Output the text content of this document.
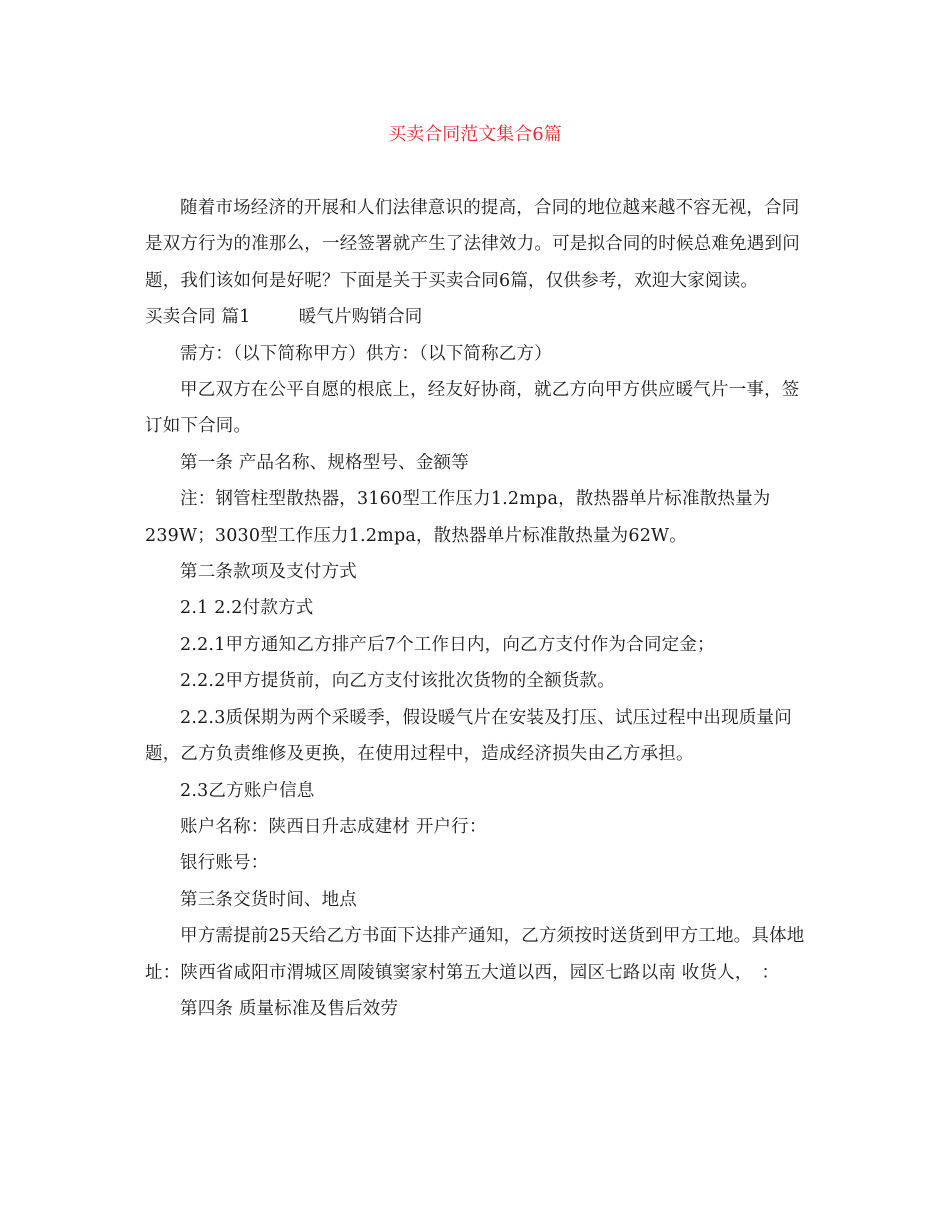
买卖合同范文集合6篇

随着市场经济的开展和人们法律意识的提高，合同的地位越来越不容无视，合同是双方行为的准那么，一经签署就产生了法律效力。可是拟合同的时候总难免遇到问题，我们该如何是好呢？下面是关于买卖合同6篇，仅供参考，欢迎大家阅读。

买卖合同 篇1	暖气片购销合同

需方：（以下简称甲方）供方：（以下简称乙方）

甲乙双方在公平自愿的根底上，经友好协商，就乙方向甲方供应暖气片一事，签订如下合同。

第一条 产品名称、规格型号、金额等

注：钢管柱型散热器，3160型工作压力1.2mpa，散热器单片标准散热量为239W；3030型工作压力1.2mpa，散热器单片标准散热量为62W。

第二条款项及支付方式

2.1 2.2付款方式

2.2.1甲方通知乙方排产后7个工作日内，向乙方支付作为合同定金；

2.2.2甲方提货前，向乙方支付该批次货物的全额货款。

2.2.3质保期为两个采暖季，假设暖气片在安装及打压、试压过程中出现质量问题，乙方负责维修及更换，在使用过程中，造成经济损失由乙方承担。

2.3乙方账户信息

账户名称：陕西日升志成建材 开户行：

银行账号：

第三条交货时间、地点

甲方需提前25天给乙方书面下达排产通知，乙方须按时送货到甲方工地。具体地址：陕西省咸阳市渭城区周陵镇窦家村第五大道以西，园区七路以南 收货人，　：

第四条 质量标准及售后效劳
